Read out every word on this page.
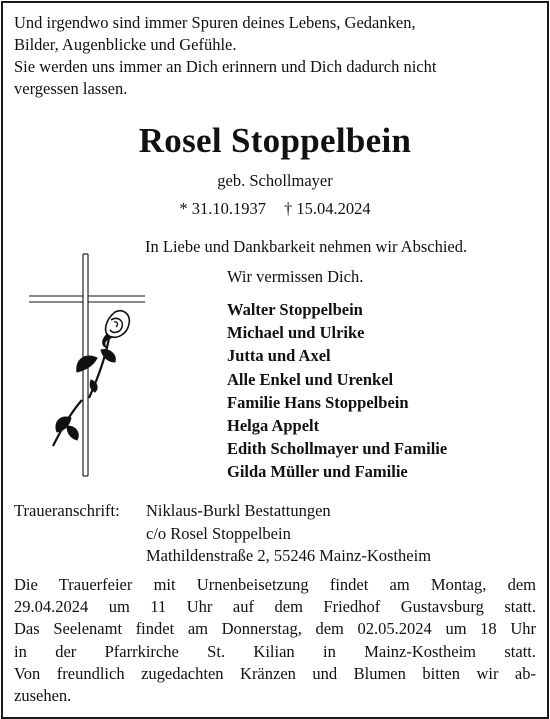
Und irgendwo sind immer Spuren deines Lebens, Gedanken,
Bilder, Augenblicke und Gefühle.
Sie werden uns immer an Dich erinnern und Dich dadurch nicht
vergessen lassen.
Rosel Stoppelbein
geb. Schollmayer
* 31.10.1937 † 15.04.2024
In Liebe und Dankbarkeit nehmen wir Abschied.
Wir vermissen Dich.
Walter Stoppelbein
Michael und Ulrike
Jutta und Axel
Alle Enkel und Urenkel
Familie Hans Stoppelbein
Helga Appelt
Edith Schollmayer und Familie
Gilda Müller und Familie
Traueranschrift: Niklaus-Burkl Bestattungen
c/o Rosel Stoppelbein
Mathildenstraße 2, 55246 Mainz-Kostheim
Die Trauerfeier mit Urnenbeisetzung findet am Montag, dem
29.04.2024 um 11 Uhr auf dem Friedhof Gustavsburg statt.
Das Seelenamt findet am Donnerstag, dem 02.05.2024 um 18 Uhr
in der Pfarrkirche St. Kilian in Mainz-Kostheim statt.
Von freundlich zugedachten Kränzen und Blumen bitten wir ab-
zusehen.
